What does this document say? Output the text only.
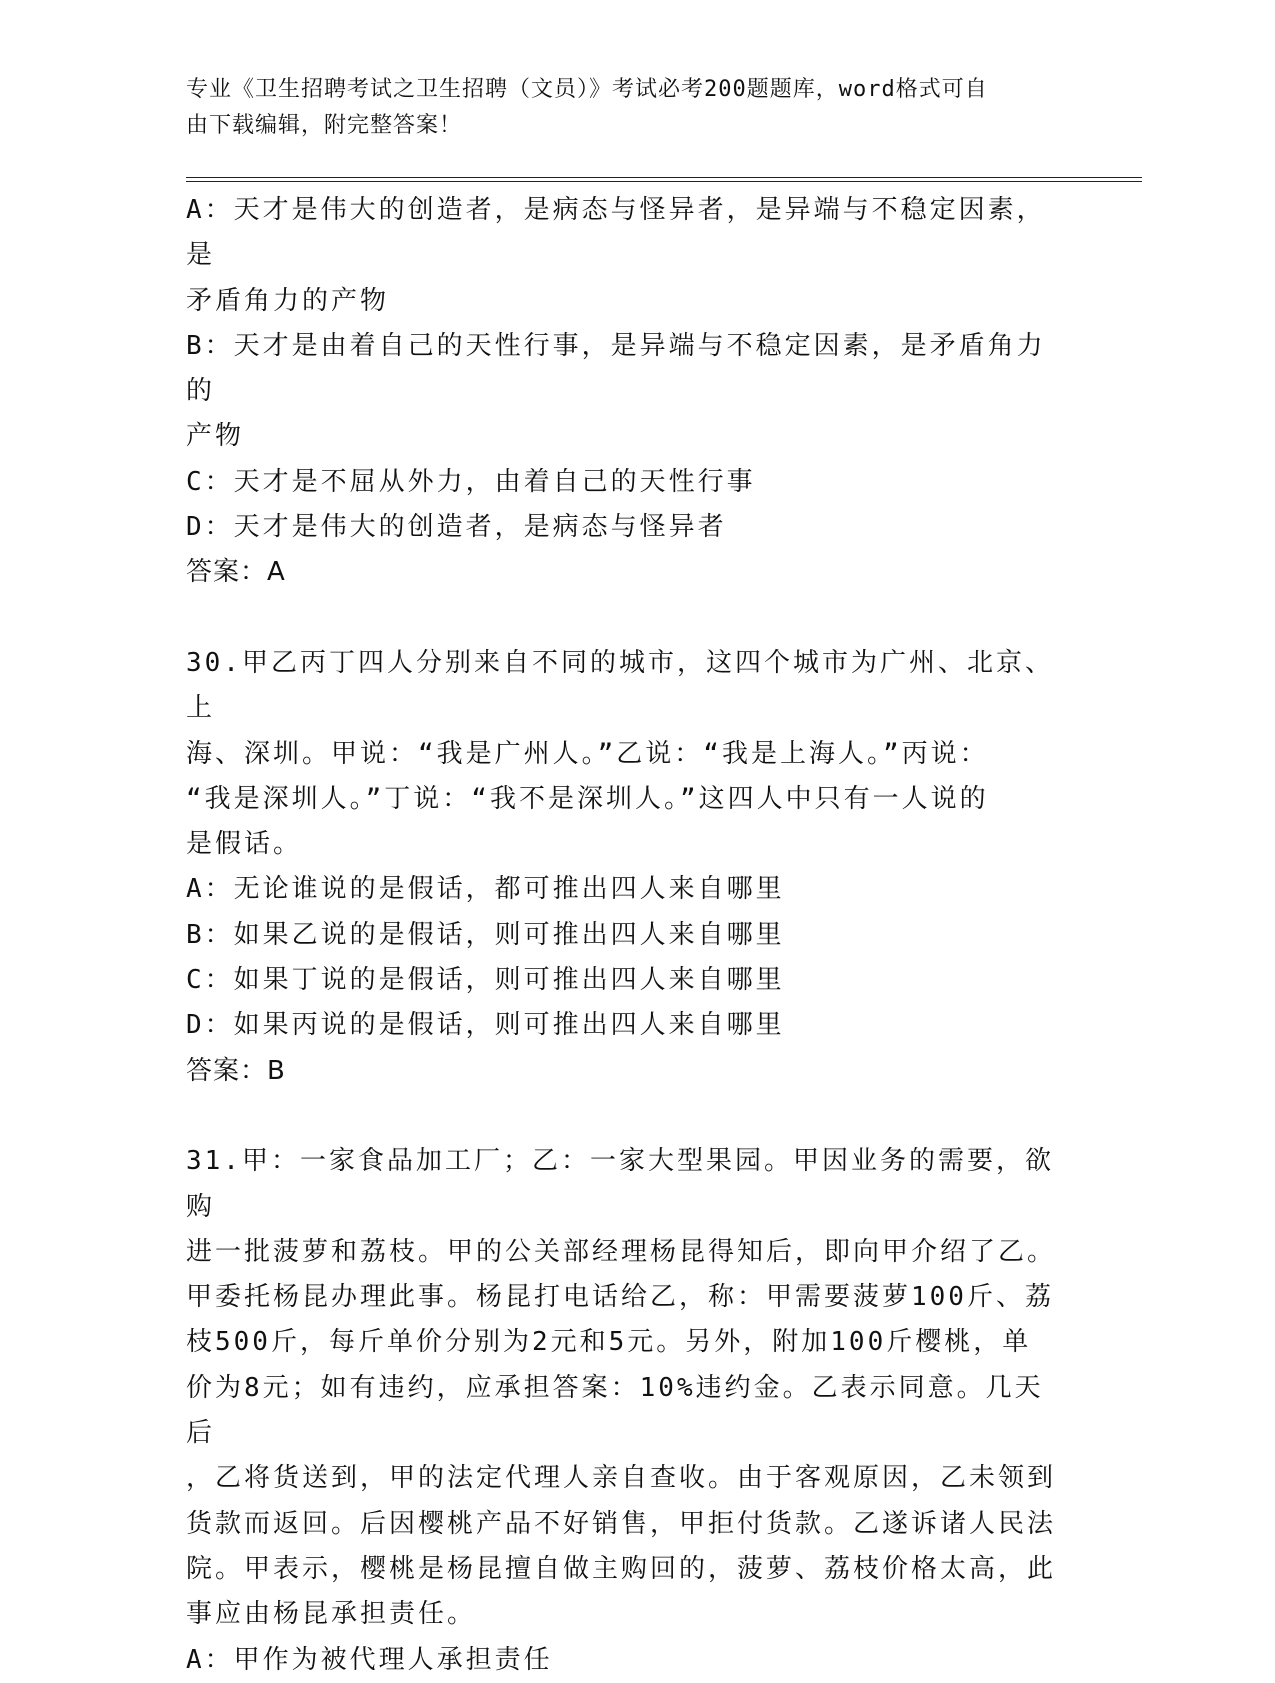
专业《卫生招聘考试之卫生招聘（文员）》考试必考200题题库，word格式可自
由下载编辑，附完整答案！

A：天才是伟大的创造者，是病态与怪异者，是异端与不稳定因素，是

矛盾角力的产物

B：天才是由着自己的天性行事，是异端与不稳定因素，是矛盾角力的

产物

C：天才是不屈从外力，由着自己的天性行事

D：天才是伟大的创造者，是病态与怪异者

答案：A

30.甲乙丙丁四人分别来自不同的城市，这四个城市为广州、北京、上

海、深圳。甲说：“我是广州人。”乙说：“我是上海人。”丙说：

“我是深圳人。”丁说：“我不是深圳人。”这四人中只有一人说的

是假话。

A：无论谁说的是假话，都可推出四人来自哪里

B：如果乙说的是假话，则可推出四人来自哪里

C：如果丁说的是假话，则可推出四人来自哪里

D：如果丙说的是假话，则可推出四人来自哪里

答案：B

31.甲：一家食品加工厂；乙：一家大型果园。甲因业务的需要，欲购

进一批菠萝和荔枝。甲的公关部经理杨昆得知后，即向甲介绍了乙。

甲委托杨昆办理此事。杨昆打电话给乙，称：甲需要菠萝100斤、荔

枝500斤，每斤单价分别为2元和5元。另外，附加100斤樱桃，单

价为8元；如有违约，应承担答案：10%违约金。乙表示同意。几天后

，乙将货送到，甲的法定代理人亲自查收。由于客观原因，乙未领到

货款而返回。后因樱桃产品不好销售，甲拒付货款。乙遂诉诸人民法

院。甲表示，樱桃是杨昆擅自做主购回的，菠萝、荔枝价格太高，此

事应由杨昆承担责任。

A：甲作为被代理人承担责任
